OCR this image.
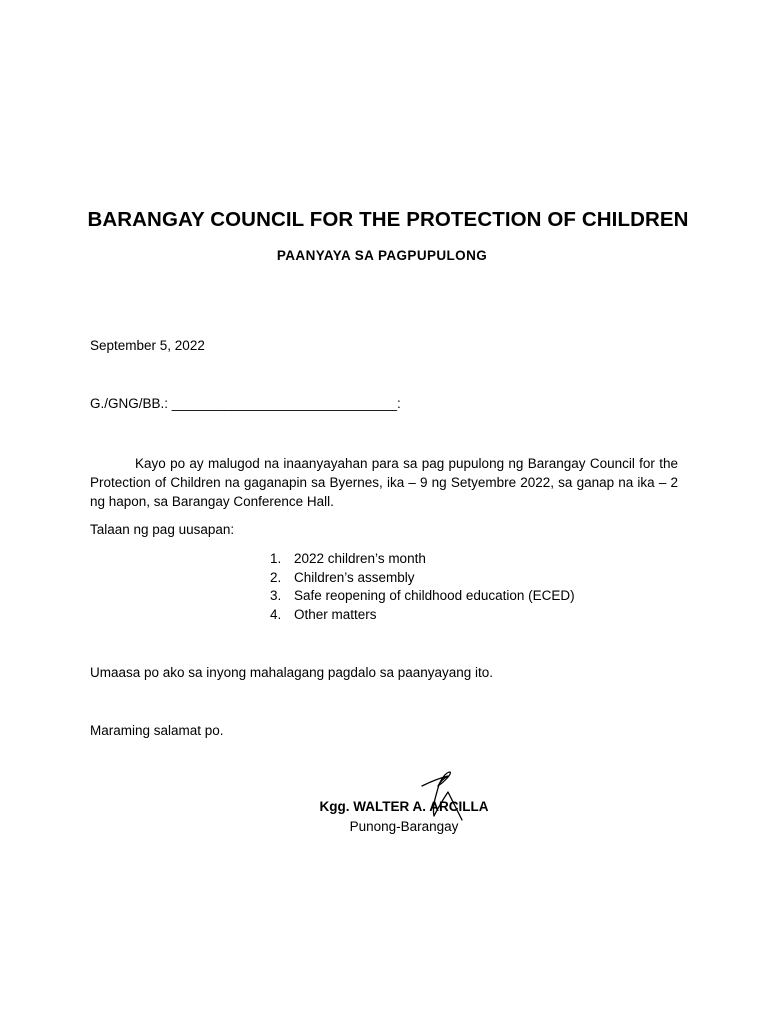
BARANGAY COUNCIL FOR THE PROTECTION OF CHILDREN
PAANYAYA SA PAGPUPULONG
September 5, 2022
G./GNG/BB.: ______________________________:

Kayo po ay malugod na inaanyayahan para sa pag pupulong ng Barangay Council for the Protection of Children na gaganapin sa Byernes, ika – 9 ng Setyembre 2022, sa ganap na ika – 2 ng hapon, sa Barangay Conference Hall.

Talaan ng pag uusapan:
1. 2022 children’s month
2. Children’s assembly
3. Safe reopening of childhood education (ECED)
4. Other matters
Umaasa po ako sa inyong mahalagang pagdalo sa paanyayang ito.
Maraming salamat po.
Kgg. WALTER A. ARCILLA
Punong-Barangay
